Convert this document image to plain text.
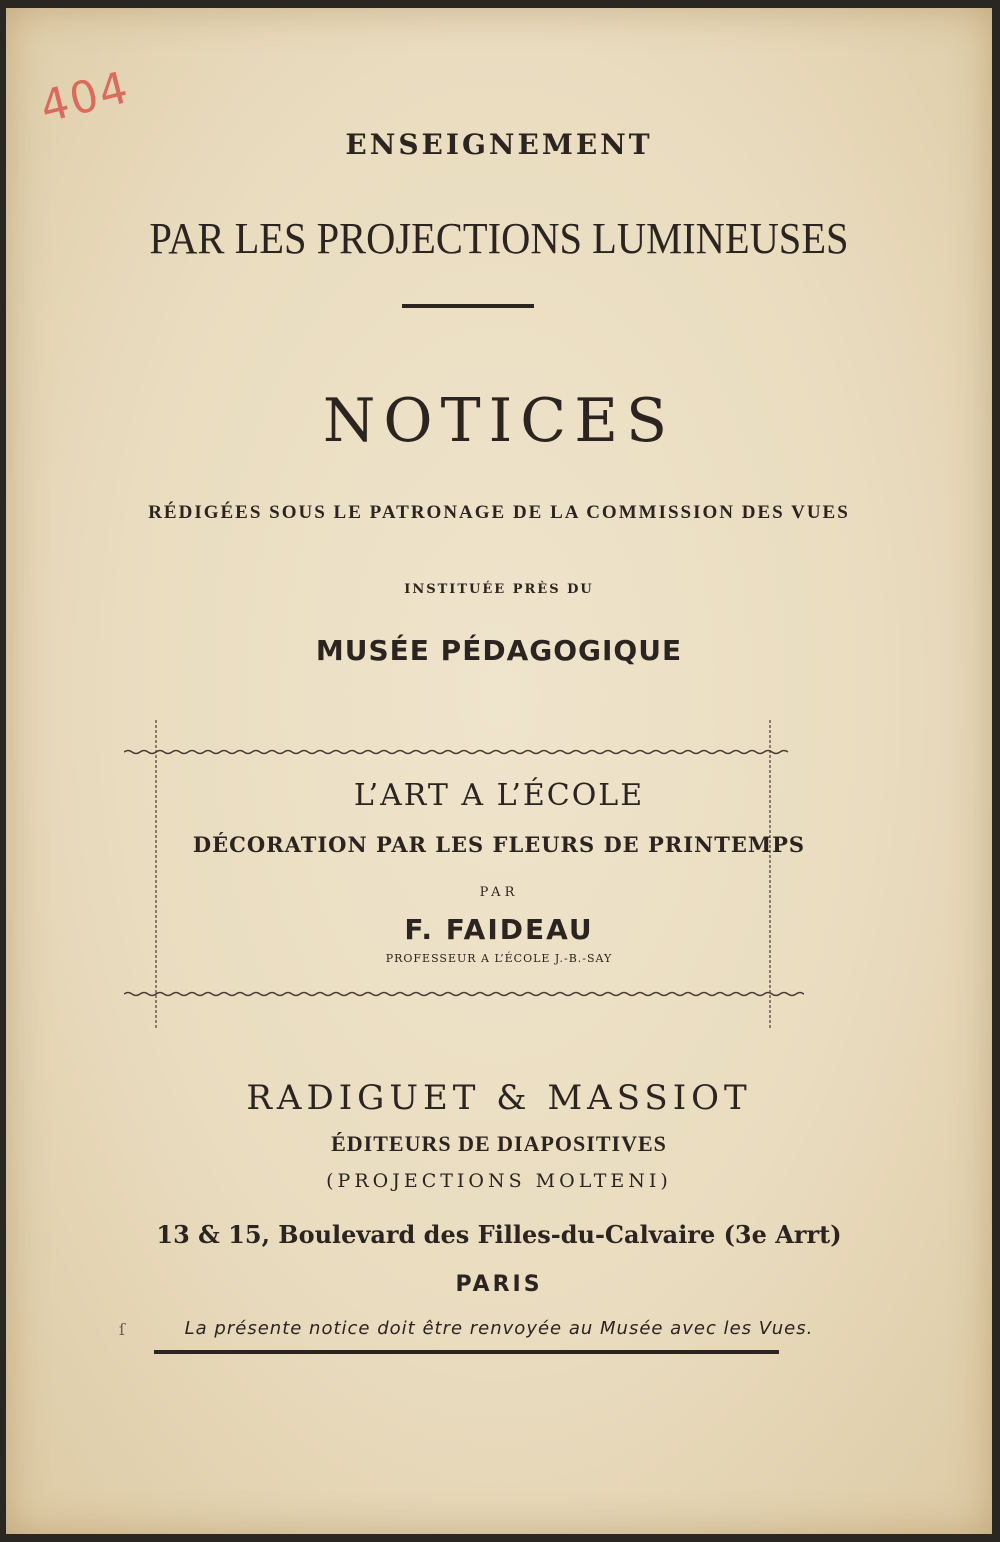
404
ENSEIGNEMENT
PAR LES PROJECTIONS LUMINEUSES
NOTICES
RÉDIGÉES SOUS LE PATRONAGE DE LA COMMISSION DES VUES
INSTITUÉE PRÈS DU
MUSÉE PÉDAGOGIQUE
L’ART A L’ÉCOLE
DÉCORATION PAR LES FLEURS DE PRINTEMPS
PAR
F. FAIDEAU
PROFESSEUR A L’ÉCOLE J.-B.-SAY
RADIGUET & MASSIOT
ÉDITEURS DE DIAPOSITIVES
(PROJECTIONS MOLTENI)
13 & 15, Boulevard des Filles-du-Calvaire (3e Arrt)
PARIS
ſ	La présente notice doit être renvoyée au Musée avec les Vues.
